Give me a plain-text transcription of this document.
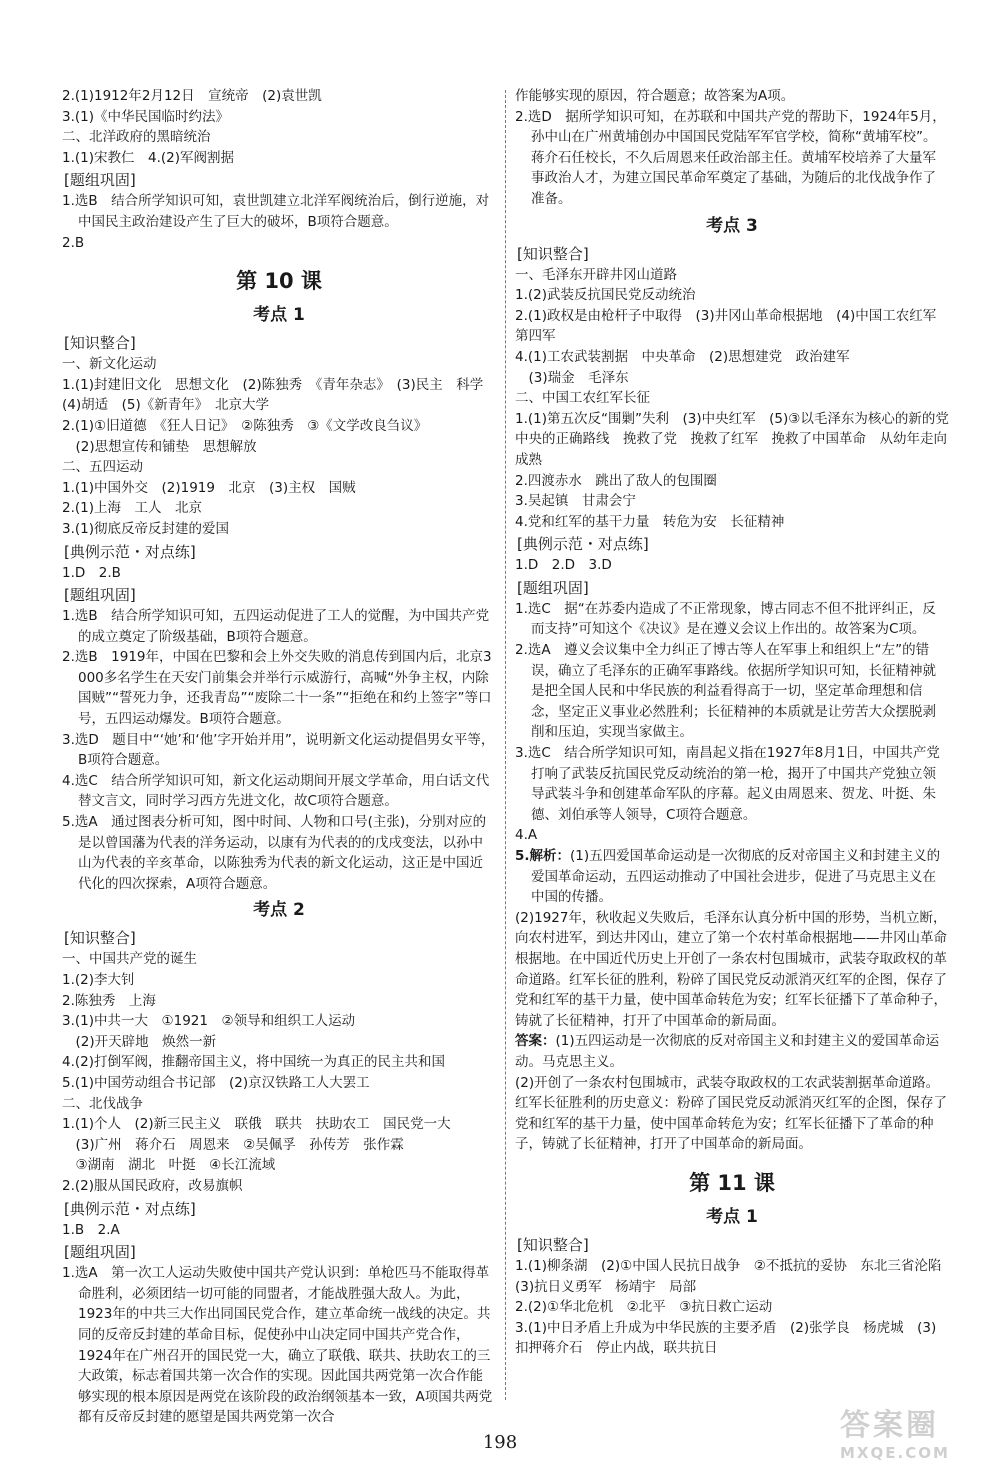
2.(1)1912年2月12日　宣统帝　(2)袁世凯

3.(1)《中华民国临时约法》

二、北洋政府的黑暗统治

1.(1)宋教仁　4.(2)军阀割据

[ 题组巩固 ]

1.选B　结合所学知识可知，袁世凯建立北洋军阀统治后，倒行逆施，对中国民主政治建设产生了巨大的破坏，B项符合题意。

2.B

第 10 课
考点 1
[ 知识整合 ]

一、新文化运动

1.(1)封建旧文化　思想文化　(2)陈独秀　《青年杂志》　(3)民主　科学　(4)胡适　(5)《新青年》　北京大学

2.(1)①旧道德　《狂人日记》　②陈独秀　③《文学改良刍议》

　(2)思想宣传和铺垫　思想解放

二、五四运动

1.(1)中国外交　(2)1919　北京　(3)主权　国贼

2.(1)上海　工人　北京

3.(1)彻底反帝反封建的爱国

[ 典例示范・对点练 ]

1.D　2.B

[ 题组巩固 ]

1.选B　结合所学知识可知，五四运动促进了工人的觉醒，为中国共产党的成立奠定了阶级基础，B项符合题意。

2.选B　1919年，中国在巴黎和会上外交失败的消息传到国内后，北京3 000多名学生在天安门前集会并举行示威游行，高喊“外争主权，内除国贼”“誓死力争，还我青岛”“废除二十一条”“拒绝在和约上签字”等口号，五四运动爆发。B项符合题意。

3.选D　题目中“‘她’和‘他’字开始并用”，说明新文化运动提倡男女平等，B项符合题意。

4.选C　结合所学知识可知，新文化运动期间开展文学革命，用白话文代替文言文，同时学习西方先进文化，故C项符合题意。

5.选A　通过图表分析可知，图中时间、人物和口号(主张)，分别对应的是以曾国藩为代表的洋务运动，以康有为代表的的戊戌变法，以孙中山为代表的辛亥革命，以陈独秀为代表的新文化运动，这正是中国近代化的四次探索，A项符合题意。

考点 2
[ 知识整合 ]

一、中国共产党的诞生

1.(2)李大钊

2.陈独秀　上海

3.(1)中共一大　①1921　②领导和组织工人运动

　(2)开天辟地　焕然一新

4.(2)打倒军阀，推翻帝国主义，将中国统一为真正的民主共和国

5.(1)中国劳动组合书记部　(2)京汉铁路工人大罢工

二、北伐战争

1.(1)个人　(2)新三民主义　联俄　联共　扶助农工　国民党一大

　(3)广州　蒋介石　周恩来　②吴佩孚　孙传芳　张作霖

　③湖南　湖北　叶挺　④长江流域

2.(2)服从国民政府，改易旗帜

[ 典例示范・对点练 ]

1.B　2.A

[ 题组巩固 ]

1.选A　第一次工人运动失败使中国共产党认识到：单枪匹马不能取得革命胜利，必须团结一切可能的同盟者，才能战胜强大敌人。为此，1923年的中共三大作出同国民党合作，建立革命统一战线的决定。共同的反帝反封建的革命目标，促使孙中山决定同中国共产党合作，1924年在广州召开的国民党一大，确立了联俄、联共、扶助农工的三大政策，标志着国共第一次合作的实现。因此国共两党第一次合作能够实现的根本原因是两党在该阶段的政治纲领基本一致，A项国共两党都有反帝反封建的愿望是国共两党第一次合

作能够实现的原因，符合题意；故答案为A项。

2.选D　据所学知识可知，在苏联和中国共产党的帮助下，1924年5月，孙中山在广州黄埔创办中国国民党陆军军官学校，简称“黄埔军校”。蒋介石任校长，不久后周恩来任政治部主任。黄埔军校培养了大量军事政治人才，为建立国民革命军奠定了基础，为随后的北伐战争作了准备。

考点 3
[ 知识整合 ]

一、毛泽东开辟井冈山道路

1.(2)武装反抗国民党反动统治

2.(1)政权是由枪杆子中取得　(3)井冈山革命根据地　(4)中国工农红军第四军

4.(1)工农武装割据　中央革命　(2)思想建党　政治建军

　(3)瑞金　毛泽东

二、中国工农红军长征

1.(1)第五次反“围剿”失利　(3)中央红军　(5)③以毛泽东为核心的新的党中央的正确路线　挽救了党　挽救了红军　挽救了中国革命　从幼年走向成熟

2.四渡赤水　跳出了敌人的包围圈

3.吴起镇　甘肃会宁

4.党和红军的基干力量　转危为安　长征精神

[ 典例示范・对点练 ]

1.D　2.D　3.D

[ 题组巩固 ]

1.选C　据“在苏委内造成了不正常现象，博古同志不但不批评纠正，反而支持”可知这个《决议》是在遵义会议上作出的。故答案为C项。

2.选A　遵义会议集中全力纠正了博古等人在军事上和组织上“左”的错误，确立了毛泽东的正确军事路线。依据所学知识可知，长征精神就是把全国人民和中华民族的利益看得高于一切，坚定革命理想和信念，坚定正义事业必然胜利；长征精神的本质就是让劳苦大众摆脱剥削和压迫，实现当家做主。

3.选C　结合所学知识可知，南昌起义指在1927年8月1日，中国共产党打响了武装反抗国民党反动统治的第一枪，揭开了中国共产党独立领导武装斗争和创建革命军队的序幕。起义由周恩来、贺龙、叶挺、朱德、刘伯承等人领导，C项符合题意。

4.A

5.解析：(1)五四爱国革命运动是一次彻底的反对帝国主义和封建主义的爱国革命运动，五四运动推动了中国社会进步，促进了马克思主义在中国的传播。

(2)1927年，秋收起义失败后，毛泽东认真分析中国的形势，当机立断，向农村进军，到达井冈山，建立了第一个农村革命根据地——井冈山革命根据地。在中国近代历史上开创了一条农村包围城市，武装夺取政权的革命道路。红军长征的胜利，粉碎了国民党反动派消灭红军的企图，保存了党和红军的基干力量，使中国革命转危为安；红军长征播下了革命种子，铸就了长征精神，打开了中国革命的新局面。

答案：(1)五四运动是一次彻底的反对帝国主义和封建主义的爱国革命运动。马克思主义。

(2)开创了一条农村包围城市，武装夺取政权的工农武装割据革命道路。红军长征胜利的历史意义：粉碎了国民党反动派消灭红军的企图，保存了党和红军的基干力量，使中国革命转危为安；红军长征播下了革命的种子，铸就了长征精神，打开了中国革命的新局面。

第 11 课
考点 1
[ 知识整合 ]

1.(1)柳条湖　(2)①中国人民抗日战争　②不抵抗的妥协　东北三省沦陷　(3)抗日义勇军　杨靖宇　局部

2.(2)①华北危机　②北平　③抗日救亡运动

3.(1)中日矛盾上升成为中华民族的主要矛盾　(2)张学良　杨虎城　(3)扣押蒋介石　停止内战，联共抗日

198	答案圈
MXQE.COM
